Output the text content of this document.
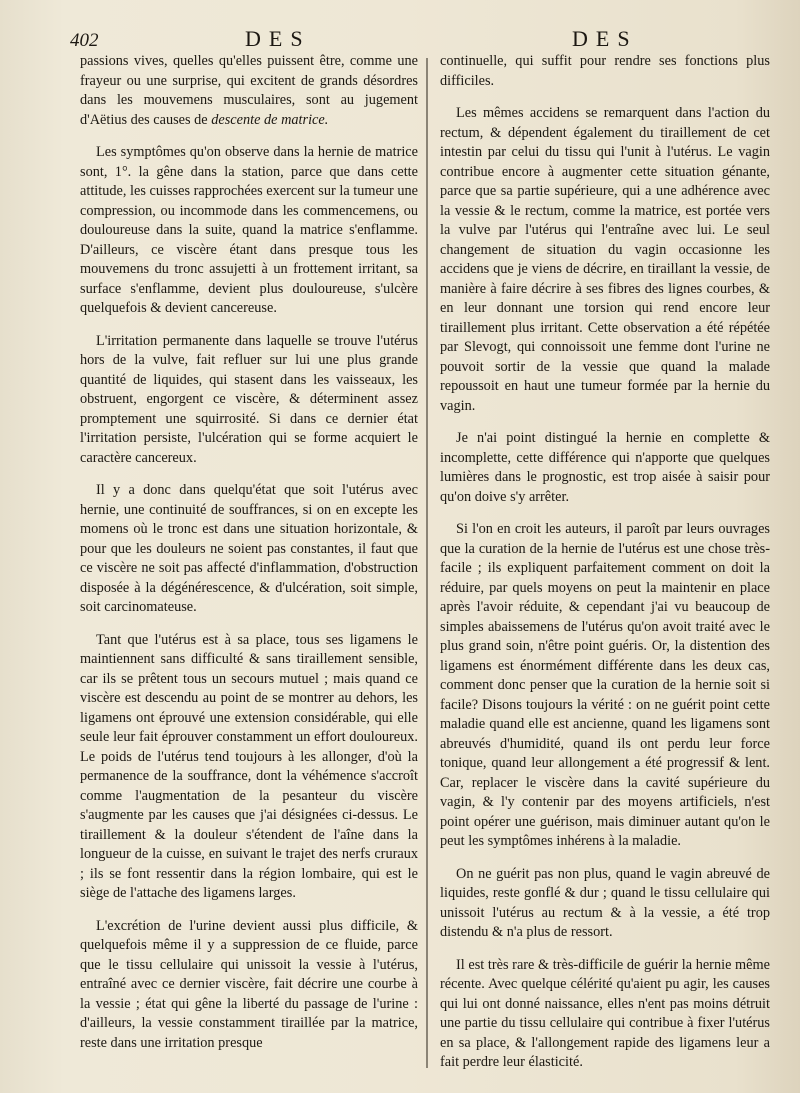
402	DES	DES

passions vives, quelles qu'elles puissent être, comme une frayeur ou une surprise, qui excitent de grands désordres dans les mouvemens musculaires, sont au jugement d'Aëtius des causes de descente de matrice.

Les symptômes qu'on observe dans la hernie de matrice sont, 1°. la gêne dans la station, parce que dans cette attitude, les cuisses rapprochées exercent sur la tumeur une compression, ou incommode dans les commencemens, ou douloureuse dans la suite, quand la matrice s'enflamme. D'ailleurs, ce viscère étant dans presque tous les mouvemens du tronc assujetti à un frottement irritant, sa surface s'enflamme, devient plus douloureuse, s'ulcère quelquefois & devient cancereuse.

L'irritation permanente dans laquelle se trouve l'utérus hors de la vulve, fait refluer sur lui une plus grande quantité de liquides, qui stasent dans les vaisseaux, les obstruent, engorgent ce viscère, & déterminent assez promptement une squirrosité. Si dans ce dernier état l'irritation persiste, l'ulcération qui se forme acquiert le caractère cancereux.

Il y a donc dans quelqu'état que soit l'utérus avec hernie, une continuité de souffrances, si on en excepte les momens où le tronc est dans une situation horizontale, & pour que les douleurs ne soient pas constantes, il faut que ce viscère ne soit pas affecté d'inflammation, d'obstruction disposée à la dégénérescence, & d'ulcération, soit simple, soit carcinomateuse.

Tant que l'utérus est à sa place, tous ses ligamens le maintiennent sans difficulté & sans tiraillement sensible, car ils se prêtent tous un secours mutuel ; mais quand ce viscère est descendu au point de se montrer au dehors, les ligamens ont éprouvé une extension considérable, qui elle seule leur fait éprouver constamment un effort douloureux. Le poids de l'utérus tend toujours à les allonger, d'où la permanence de la souffrance, dont la véhémence s'accroît comme l'augmentation de la pesanteur du viscère s'augmente par les causes que j'ai désignées ci-dessus. Le tiraillement & la douleur s'étendent de l'aîne dans la longueur de la cuisse, en suivant le trajet des nerfs cruraux ; ils se font ressentir dans la région lombaire, qui est le siège de l'attache des ligamens larges.

L'excrétion de l'urine devient aussi plus difficile, & quelquefois même il y a suppression de ce fluide, parce que le tissu cellulaire qui unissoit la vessie à l'utérus, entraîné avec ce dernier viscère, fait décrire une courbe à la vessie ; état qui gêne la liberté du passage de l'urine : d'ailleurs, la vessie constamment tiraillée par la matrice, reste dans une irritation presque

continuelle, qui suffit pour rendre ses fonctions plus difficiles.

Les mêmes accidens se remarquent dans l'action du rectum, & dépendent également du tiraillement de cet intestin par celui du tissu qui l'unit à l'utérus. Le vagin contribue encore à augmenter cette situation génante, parce que sa partie supérieure, qui a une adhérence avec la vessie & le rectum, comme la matrice, est portée vers la vulve par l'utérus qui l'entraîne avec lui. Le seul changement de situation du vagin occasionne les accidens que je viens de décrire, en tiraillant la vessie, de manière à faire décrire à ses fibres des lignes courbes, & en leur donnant une torsion qui rend encore leur tiraillement plus irritant. Cette observation a été répétée par Slevogt, qui connoissoit une femme dont l'urine ne pouvoit sortir de la vessie que quand la malade repoussoit en haut une tumeur formée par la hernie du vagin.

Je n'ai point distingué la hernie en complette & incomplette, cette différence qui n'apporte que quelques lumières dans le prognostic, est trop aisée à saisir pour qu'on doive s'y arrêter.

Si l'on en croit les auteurs, il paroît par leurs ouvrages que la curation de la hernie de l'utérus est une chose très-facile ; ils expliquent parfaitement comment on doit la réduire, par quels moyens on peut la maintenir en place après l'avoir réduite, & cependant j'ai vu beaucoup de simples abaissemens de l'utérus qu'on avoit traité avec le plus grand soin, n'être point guéris. Or, la distention des ligamens est énormément différente dans les deux cas, comment donc penser que la curation de la hernie soit si facile? Disons toujours la vérité : on ne guérit point cette maladie quand elle est ancienne, quand les ligamens sont abreuvés d'humidité, quand ils ont perdu leur force tonique, quand leur allongement a été progressif & lent. Car, replacer le viscère dans la cavité supérieure du vagin, & l'y contenir par des moyens artificiels, n'est point opérer une guérison, mais diminuer autant qu'on le peut les symptômes inhérens à la maladie.

On ne guérit pas non plus, quand le vagin abreuvé de liquides, reste gonflé & dur ; quand le tissu cellulaire qui unissoit l'utérus au rectum & à la vessie, a été trop distendu & n'a plus de ressort.

Il est très rare & très-difficile de guérir la hernie même récente. Avec quelque célérité qu'aient pu agir, les causes qui lui ont donné naissance, elles n'ent pas moins détruit une partie du tissu cellulaire qui contribue à fixer l'utérus en sa place, & l'allongement rapide des ligamens leur a fait perdre leur élasticité.
